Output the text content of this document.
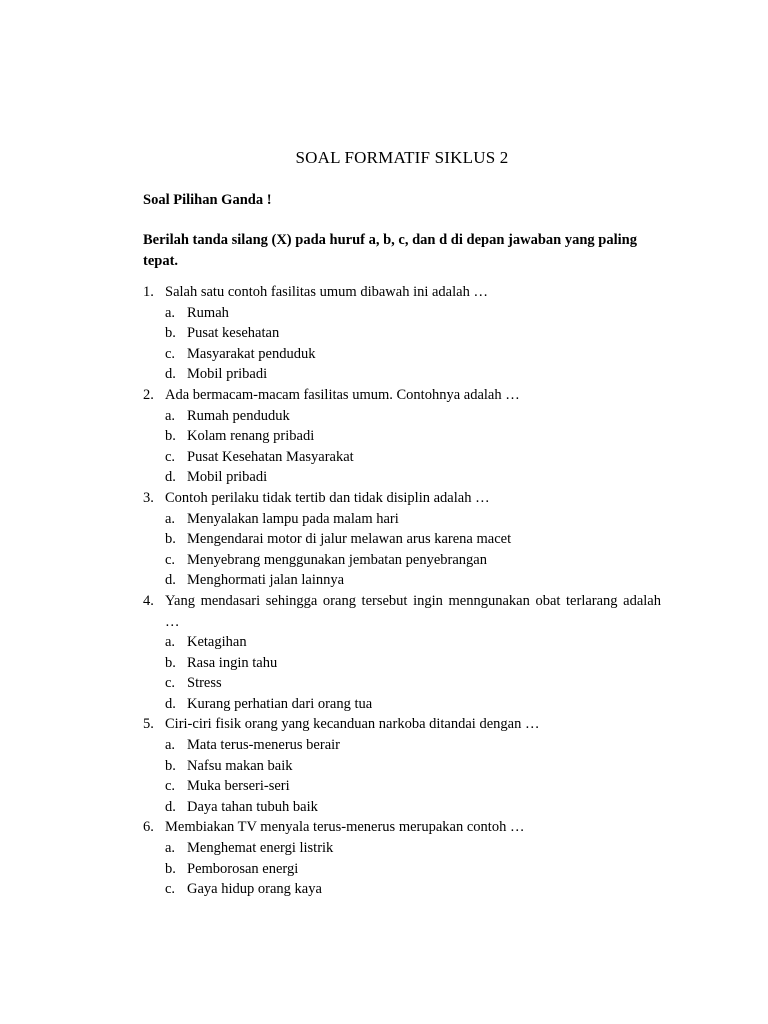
SOAL FORMATIF SIKLUS 2
Soal Pilihan Ganda !
Berilah tanda silang (X) pada huruf a, b, c, dan d di depan jawaban yang paling tepat.
1. Salah satu contoh fasilitas umum dibawah ini adalah …
a. Rumah
b. Pusat kesehatan
c. Masyarakat penduduk
d. Mobil pribadi
2. Ada bermacam-macam fasilitas umum. Contohnya adalah …
a. Rumah penduduk
b. Kolam renang pribadi
c. Pusat Kesehatan Masyarakat
d. Mobil pribadi
3. Contoh perilaku tidak tertib dan tidak disiplin adalah …
a. Menyalakan lampu pada malam hari
b. Mengendarai motor di jalur melawan arus karena macet
c. Menyebrang menggunakan jembatan penyebrangan
d. Menghormati jalan lainnya
4. Yang mendasari sehingga orang tersebut ingin menngunakan obat terlarang adalah …
a. Ketagihan
b. Rasa ingin tahu
c. Stress
d. Kurang perhatian dari orang tua
5. Ciri-ciri fisik orang yang kecanduan narkoba ditandai dengan …
a. Mata terus-menerus berair
b. Nafsu makan baik
c. Muka berseri-seri
d. Daya tahan tubuh baik
6. Membiakan TV menyala terus-menerus merupakan contoh …
a. Menghemat energi listrik
b. Pemborosan energi
c. Gaya hidup orang kaya
